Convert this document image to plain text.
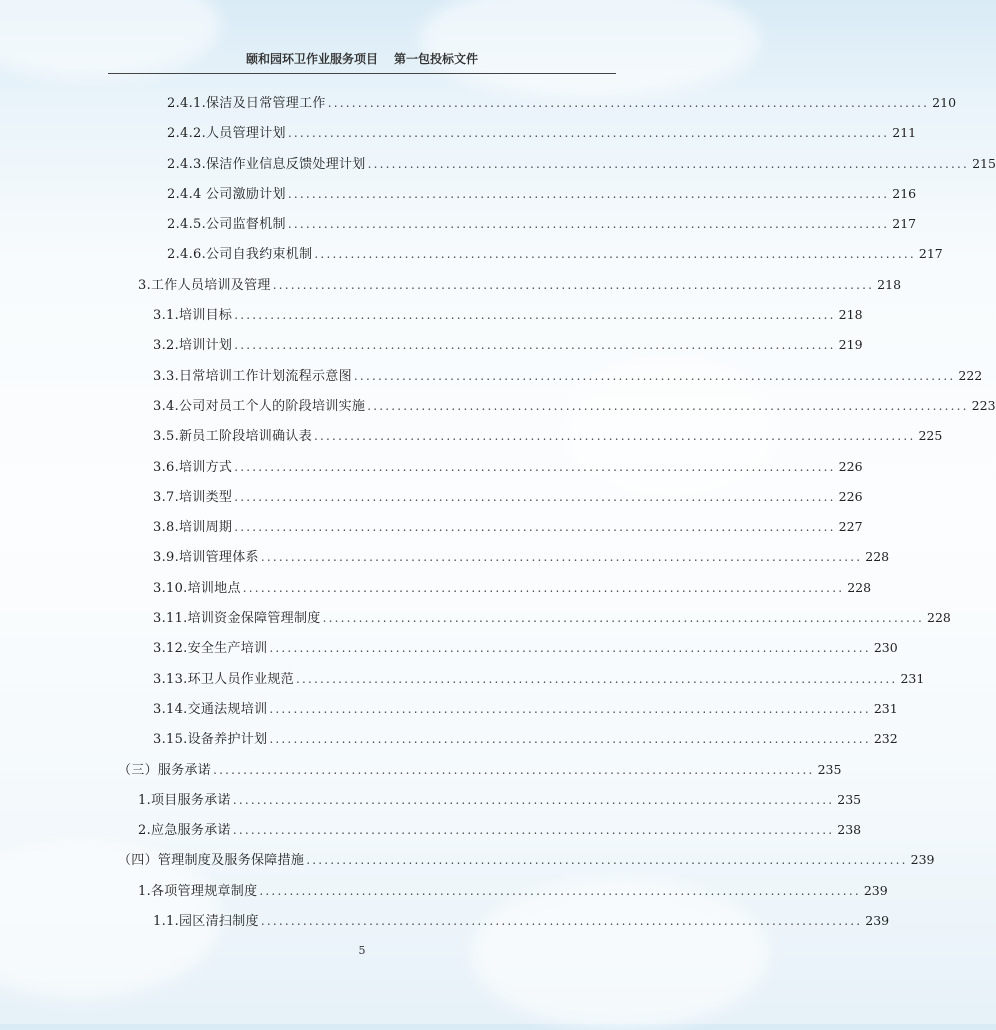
颐和园环卫作业服务项目 第一包投标文件
2.4.1.保洁及日常管理工作 .................................................................................................... 210
2.4.2.人员管理计划 .................................................................................................... 211
2.4.3.保洁作业信息反馈处理计划 .................................................................................................... 215
2.4.4 公司激励计划 .................................................................................................... 216
2.4.5.公司监督机制 .................................................................................................... 217
2.4.6.公司自我约束机制 .................................................................................................... 217
3.工作人员培训及管理 .................................................................................................... 218
3.1.培训目标 .................................................................................................... 218
3.2.培训计划 .................................................................................................... 219
3.3.日常培训工作计划流程示意图 .................................................................................................... 222
3.4.公司对员工个人的阶段培训实施 .................................................................................................... 223
3.5.新员工阶段培训确认表 .................................................................................................... 225
3.6.培训方式 .................................................................................................... 226
3.7.培训类型 .................................................................................................... 226
3.8.培训周期 .................................................................................................... 227
3.9.培训管理体系 .................................................................................................... 228
3.10.培训地点 .................................................................................................... 228
3.11.培训资金保障管理制度 .................................................................................................... 228
3.12.安全生产培训 .................................................................................................... 230
3.13.环卫人员作业规范 .................................................................................................... 231
3.14.交通法规培训 .................................................................................................... 231
3.15.设备养护计划 .................................................................................................... 232
（三）服务承诺 .................................................................................................... 235
1.项目服务承诺 .................................................................................................... 235
2.应急服务承诺 .................................................................................................... 238
（四）管理制度及服务保障措施 .................................................................................................... 239
1.各项管理规章制度 .................................................................................................... 239
1.1.园区清扫制度 .................................................................................................... 239
5
